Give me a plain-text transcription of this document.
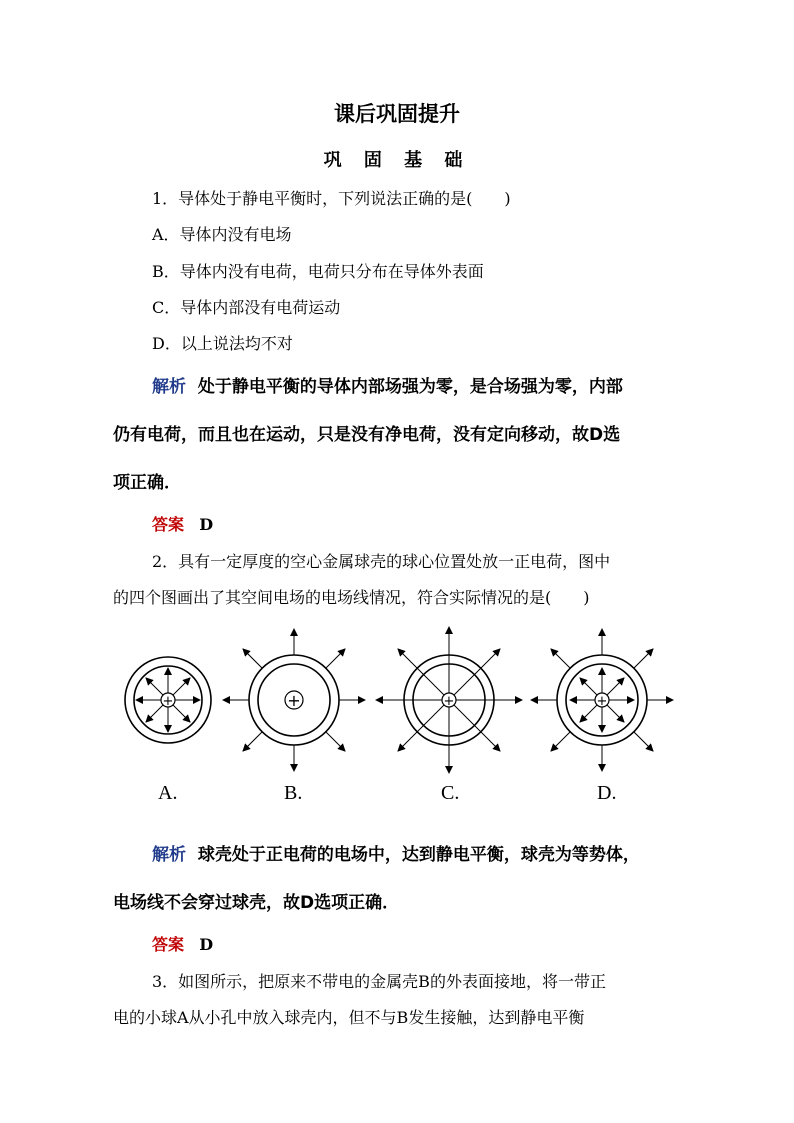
课后巩固提升
巩 固 基 础
1．导体处于静电平衡时，下列说法正确的是(　　)
A．导体内没有电场
B．导体内没有电荷，电荷只分布在导体外表面
C．导体内部没有电荷运动
D．以上说法均不对
解析 处于静电平衡的导体内部场强为零，是合场强为零，内部
仍有电荷，而且也在运动，只是没有净电荷，没有定向移动，故D选
项正确．
答案 D
2．具有一定厚度的空心金属球壳的球心位置处放一正电荷，图中
的四个图画出了其空间电场的电场线情况，符合实际情况的是(　　)
+	+	+	+
A.	B.	C.	D.
解析 球壳处于正电荷的电场中，达到静电平衡，球壳为等势体，
电场线不会穿过球壳，故D选项正确．
答案 D
3．如图所示，把原来不带电的金属壳B的外表面接地，将一带正
电的小球A从小孔中放入球壳内，但不与B发生接触，达到静电平衡
